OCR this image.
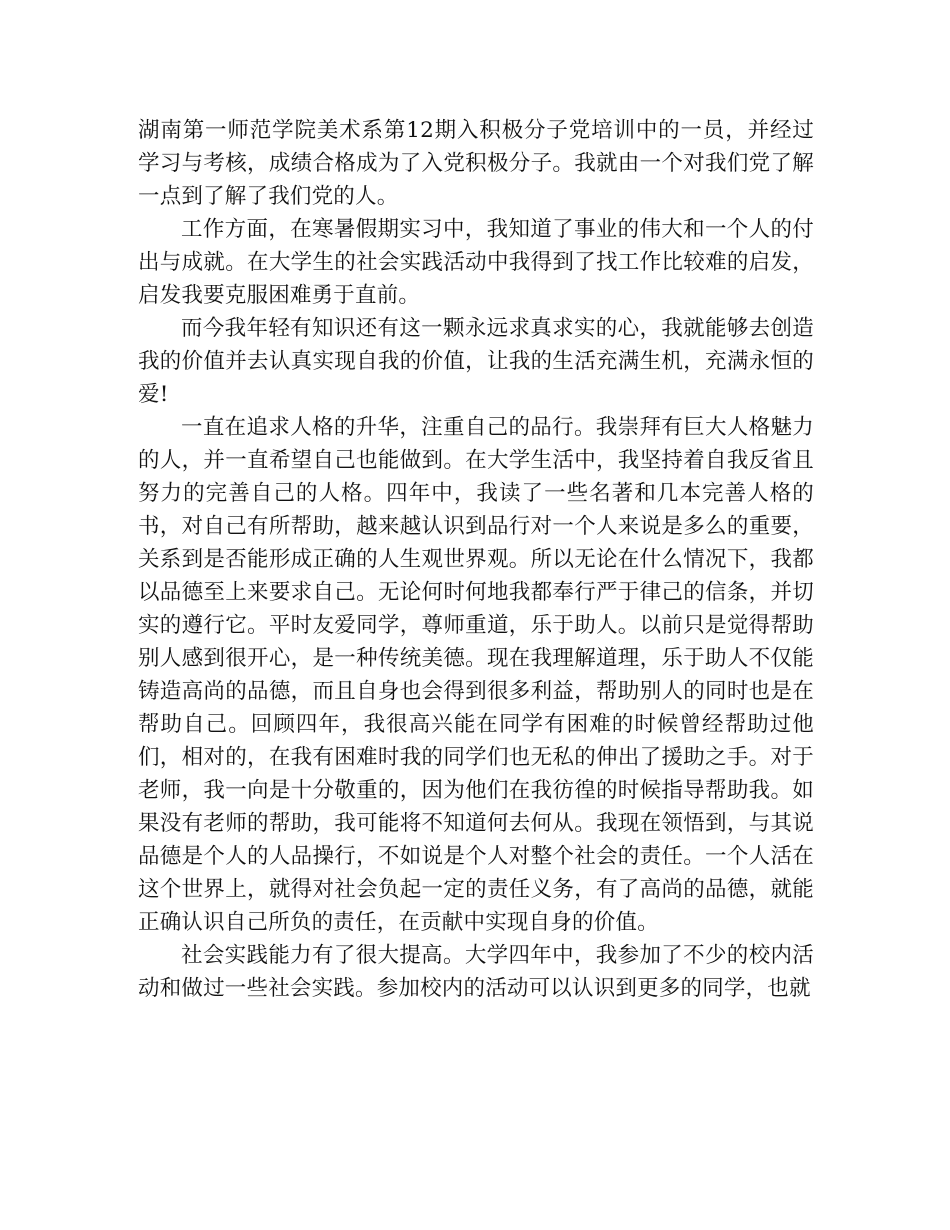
湖南第一师范学院美术系第12期入积极分子党培训中的一员，并经过学习与考核，成绩合格成为了入党积极分子。我就由一个对我们党了解一点到了解了我们党的人。

工作方面，在寒暑假期实习中，我知道了事业的伟大和一个人的付出与成就。在大学生的社会实践活动中我得到了找工作比较难的启发，启发我要克服困难勇于直前。

而今我年轻有知识还有这一颗永远求真求实的心，我就能够去创造我的价值并去认真实现自我的价值，让我的生活充满生机，充满永恒的爱!

一直在追求人格的升华，注重自己的品行。我崇拜有巨大人格魅力的人，并一直希望自己也能做到。在大学生活中，我坚持着自我反省且努力的完善自己的人格。四年中，我读了一些名著和几本完善人格的书，对自己有所帮助，越来越认识到品行对一个人来说是多么的重要，关系到是否能形成正确的人生观世界观。所以无论在什么情况下，我都以品德至上来要求自己。无论何时何地我都奉行严于律己的信条，并切实的遵行它。平时友爱同学，尊师重道，乐于助人。以前只是觉得帮助别人感到很开心，是一种传统美德。现在我理解道理，乐于助人不仅能铸造高尚的品德，而且自身也会得到很多利益，帮助别人的同时也是在帮助自己。回顾四年，我很高兴能在同学有困难的时候曾经帮助过他们，相对的，在我有困难时我的同学们也无私的伸出了援助之手。对于老师，我一向是十分敬重的，因为他们在我彷徨的时候指导帮助我。如果没有老师的帮助，我可能将不知道何去何从。我现在领悟到，与其说品德是个人的人品操行，不如说是个人对整个社会的责任。一个人活在这个世界上，就得对社会负起一定的责任义务，有了高尚的品德，就能正确认识自己所负的责任，在贡献中实现自身的价值。

社会实践能力有了很大提高。大学四年中，我参加了不少的校内活动和做过一些社会实践。参加校内的活动可以认识到更多的同学，也就
